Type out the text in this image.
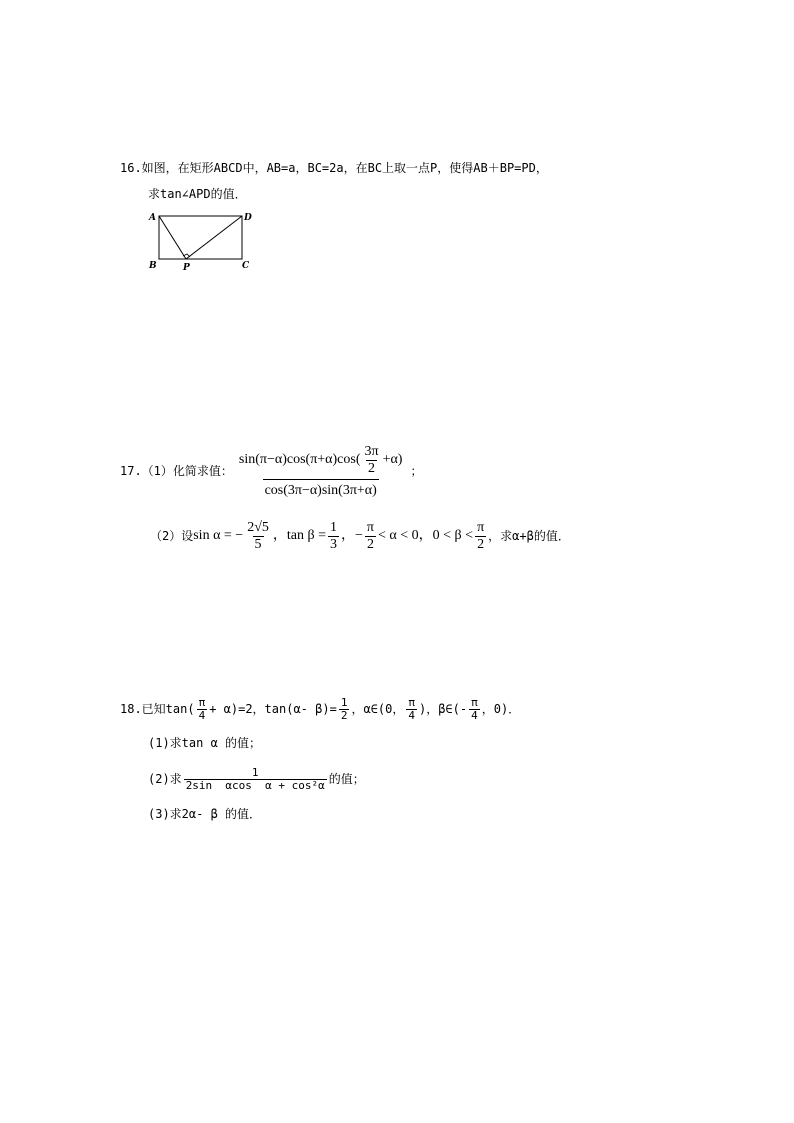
16.如图，在矩形ABCD中，AB=a，BC=2a，在BC上取一点P，使得AB＋BP=PD，
求tan∠APD的值．
A	D
B	P	C
17.（1）化简求值：
$\sin(\pi-\alpha)\cos(\pi+\alpha)\cos( \frac{3\pi}{2} +\alpha)$
cos(3π−α)sin(3π+α)
；
（2）设 sin α = − $\frac{2√5}{5}$ ，$\tan \beta = \frac{1}{3}$ ，− $\frac{\pi}{2} < \alpha < 0$ ，$0 < \beta < \frac{\pi}{2}$ ，求α+β的值．
18.已知$\tan( \frac{\pi}{4} + \alpha)=2$，tan(α- $\beta)= \frac{1}{2}$ ，α∈(0， $\frac{\pi}{4}$ )，β∈(- $\frac{\pi}{4}$ ，0)．
(1)求tan α 的值；
(2)求 $\frac{1}{\text{2sin  αcos  α + cos²α}}$ 的值；
(3)求2α- β 的值．
